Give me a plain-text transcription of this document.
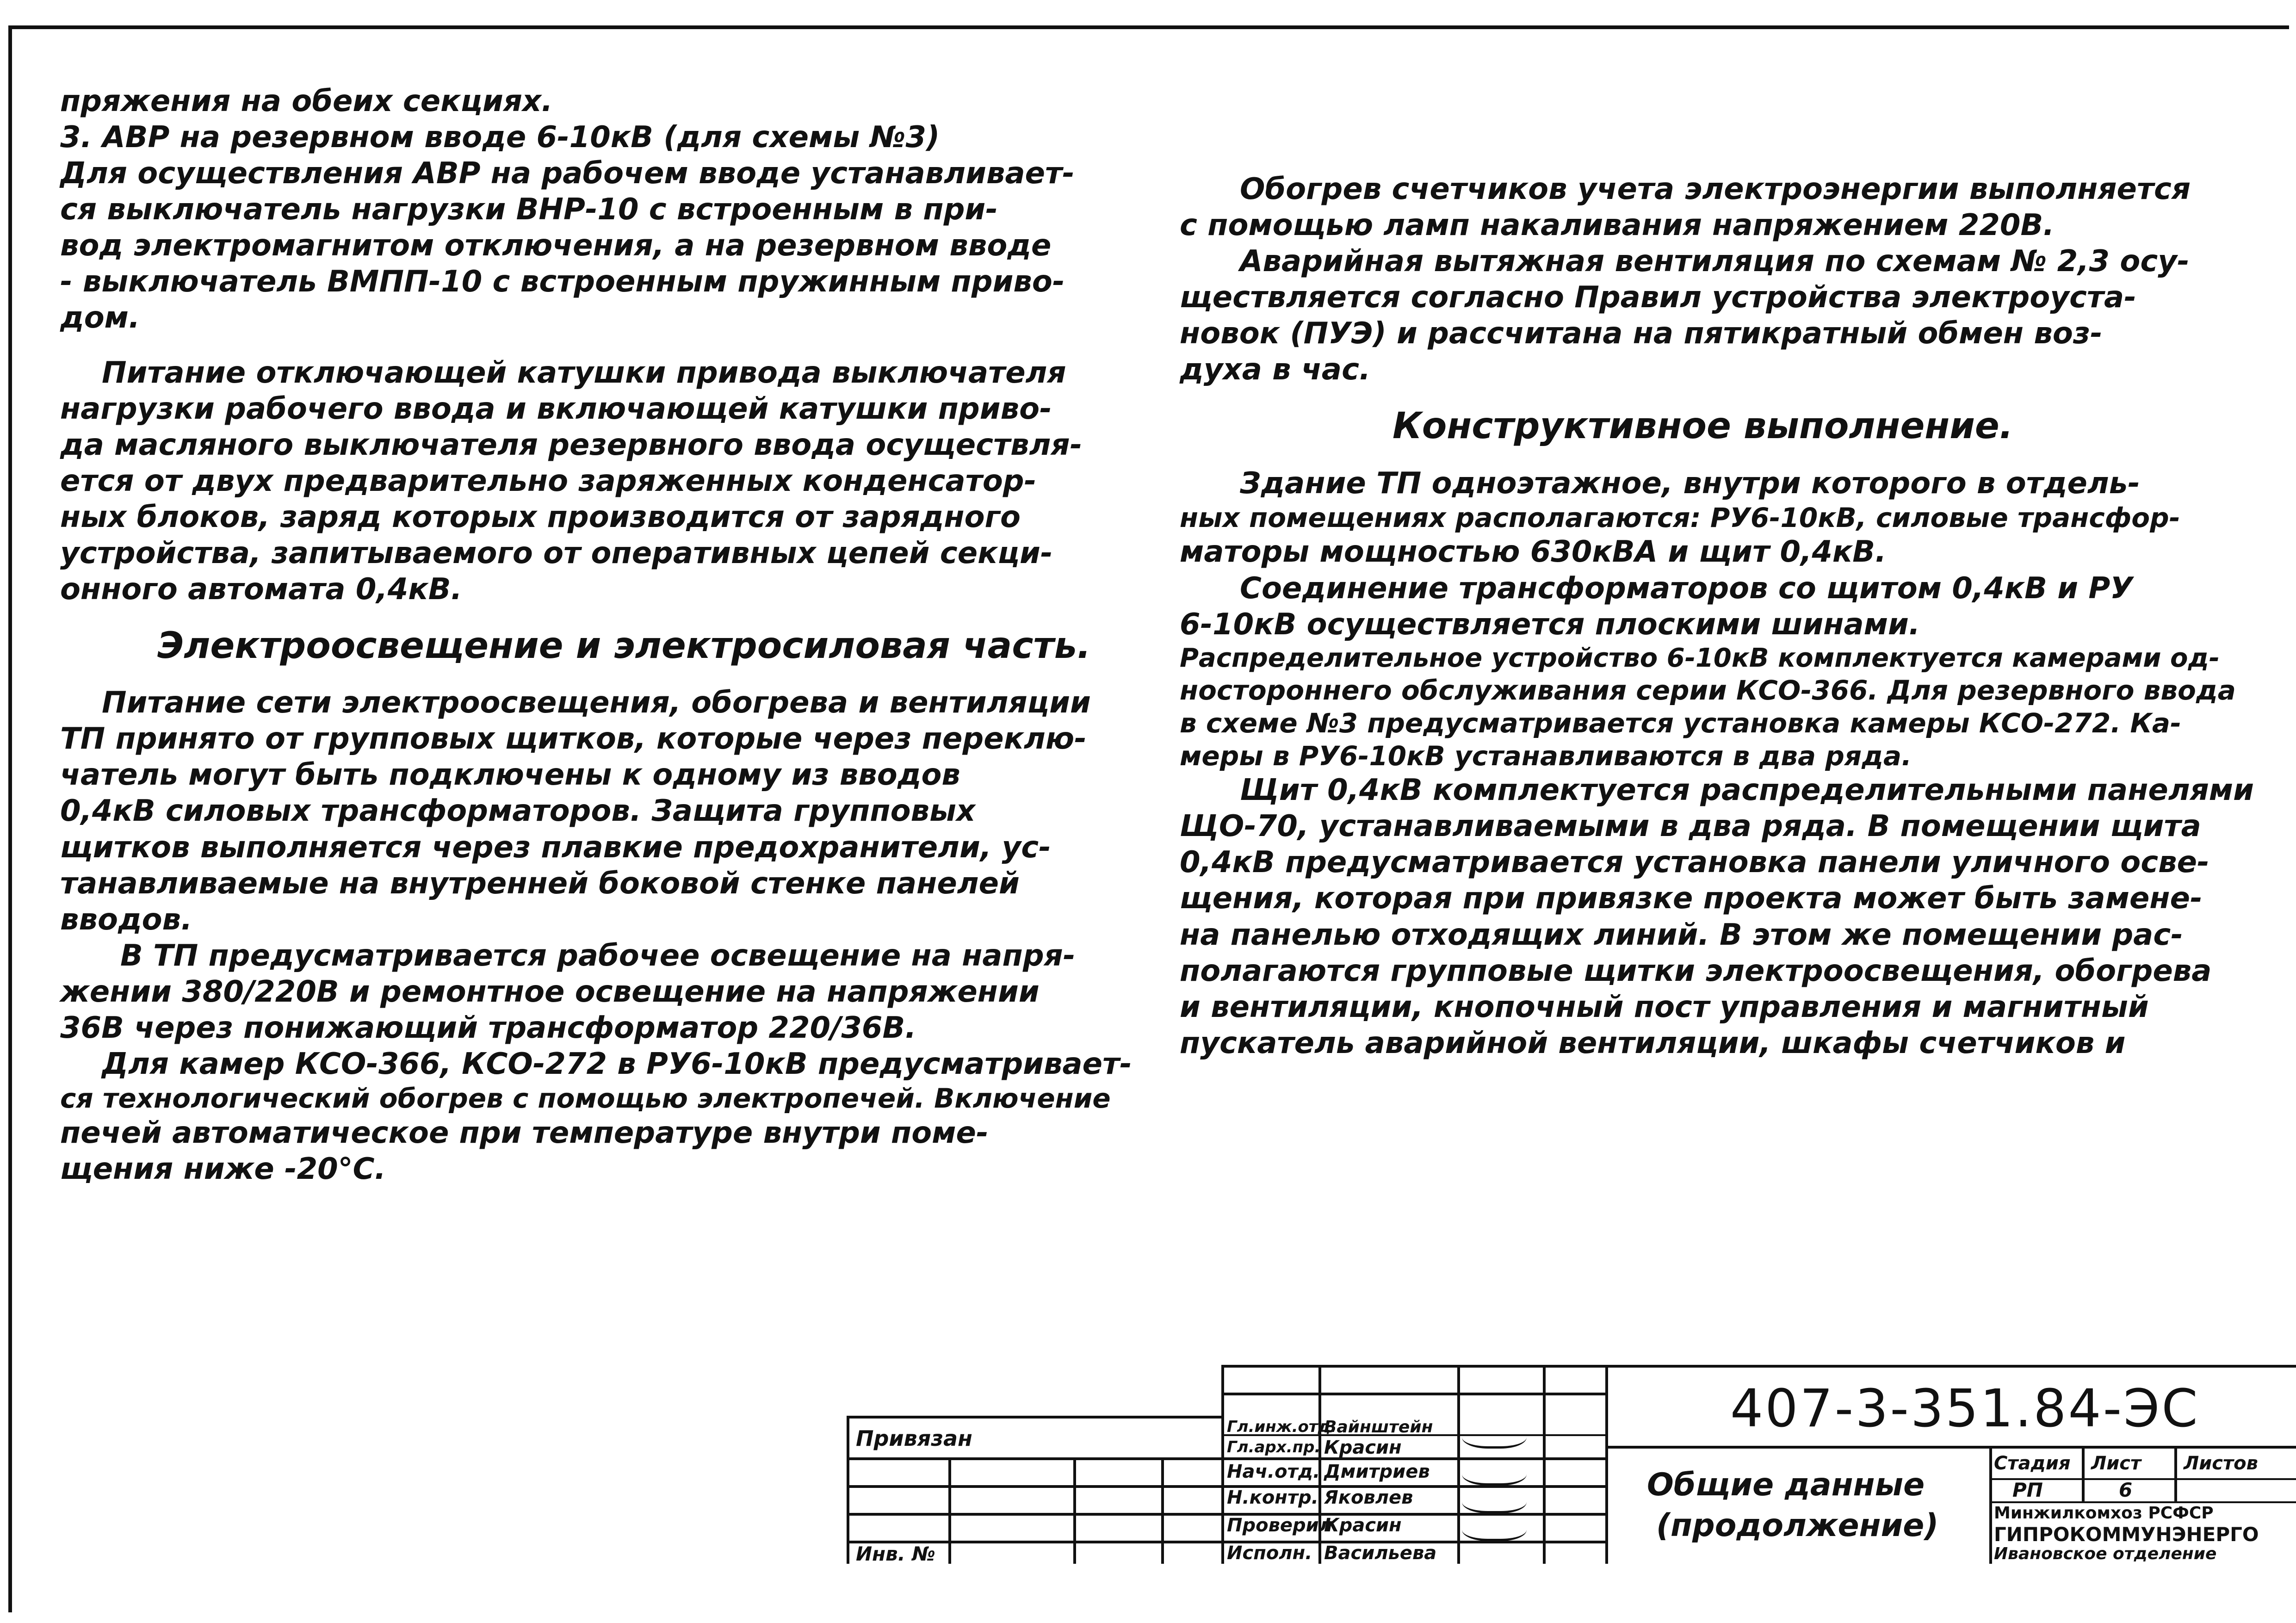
пряжения на обеих секциях.

3. АВР на резервном вводе 6-10кВ (для схемы №3)

Для осуществления АВР на рабочем вводе устанавливает-

ся выключатель нагрузки ВНР-10 с встроенным в при-

вод электромагнитом отключения, а на резервном вводе

- выключатель ВМПП-10 с встроенным пружинным приво-

дом.

Питание отключающей катушки привода выключателя

нагрузки рабочего ввода и включающей катушки приво-

да масляного выключателя резервного ввода осуществля-

ется от двух предварительно заряженных конденсатор-

ных блоков, заряд которых производится от зарядного

устройства, запитываемого от оперативных цепей секци-

онного автомата 0,4кВ.

Электроосвещение и электросиловая часть.

Питание сети электроосвещения, обогрева и вентиляции

ТП принято от групповых щитков, которые через переклю-

чатель могут быть подключены к одному из вводов

0,4кВ силовых трансформаторов. Защита групповых

щитков выполняется через плавкие предохранители, ус-

танавливаемые на внутренней боковой стенке панелей

вводов.

В ТП предусматривается рабочее освещение на напря-

жении 380/220В и ремонтное освещение на напряжении

36В через понижающий трансформатор 220/36В.

Для камер КСО-366, КСО-272 в РУ6-10кВ предусматривает-

ся технологический обогрев с помощью электропечей. Включение

печей автоматическое при температуре внутри поме-

щения ниже -20°С.

Обогрев счетчиков учета электроэнергии выполняется

с помощью ламп накаливания напряжением 220В.

Аварийная вытяжная вентиляция по схемам № 2,3 осу-

ществляется согласно Правил устройства электроуста-

новок (ПУЭ) и рассчитана на пятикратный обмен воз-

духа в час.

Конструктивное выполнение.

Здание ТП одноэтажное, внутри которого в отдель-

ных помещениях располагаются: РУ6-10кВ, силовые трансфор-

маторы мощностью 630кВА и щит 0,4кВ.

Соединение трансформаторов со щитом 0,4кВ и РУ

6-10кВ осуществляется плоскими шинами.

Распределительное устройство 6-10кВ комплектуется камерами од-

ностороннего обслуживания серии КСО-366. Для резервного ввода

в схеме №3 предусматривается установка камеры КСО-272. Ка-

меры в РУ6-10кВ устанавливаются в два ряда.

Щит 0,4кВ комплектуется распределительными панелями

ЩО-70, устанавливаемыми в два ряда. В помещении щита

0,4кВ предусматривается установка панели уличного осве-

щения, которая при привязке проекта может быть замене-

на панелью отходящих линий. В этом же помещении рас-

полагаются групповые щитки электроосвещения, обогрева

и вентиляции, кнопочный пост управления и магнитный

пускатель аварийной вентиляции, шкафы счетчиков и

Привязан
Инв. №
Гл.инж.отд.
Гл.арх.пр.
Нач.отд.
Н.контр.
Проверил
Исполн.
Вайнштейн
Красин
Дмитриев
Яковлев
Красин
Васильева
407-3-351.84-ЭС
Общие данные
(продолжение)
Стадия Лист Листов
РП	6
Минжилкомхоз РСФСР
ГИПРОКОММУНЭНЕРГО
Ивановское отделение
